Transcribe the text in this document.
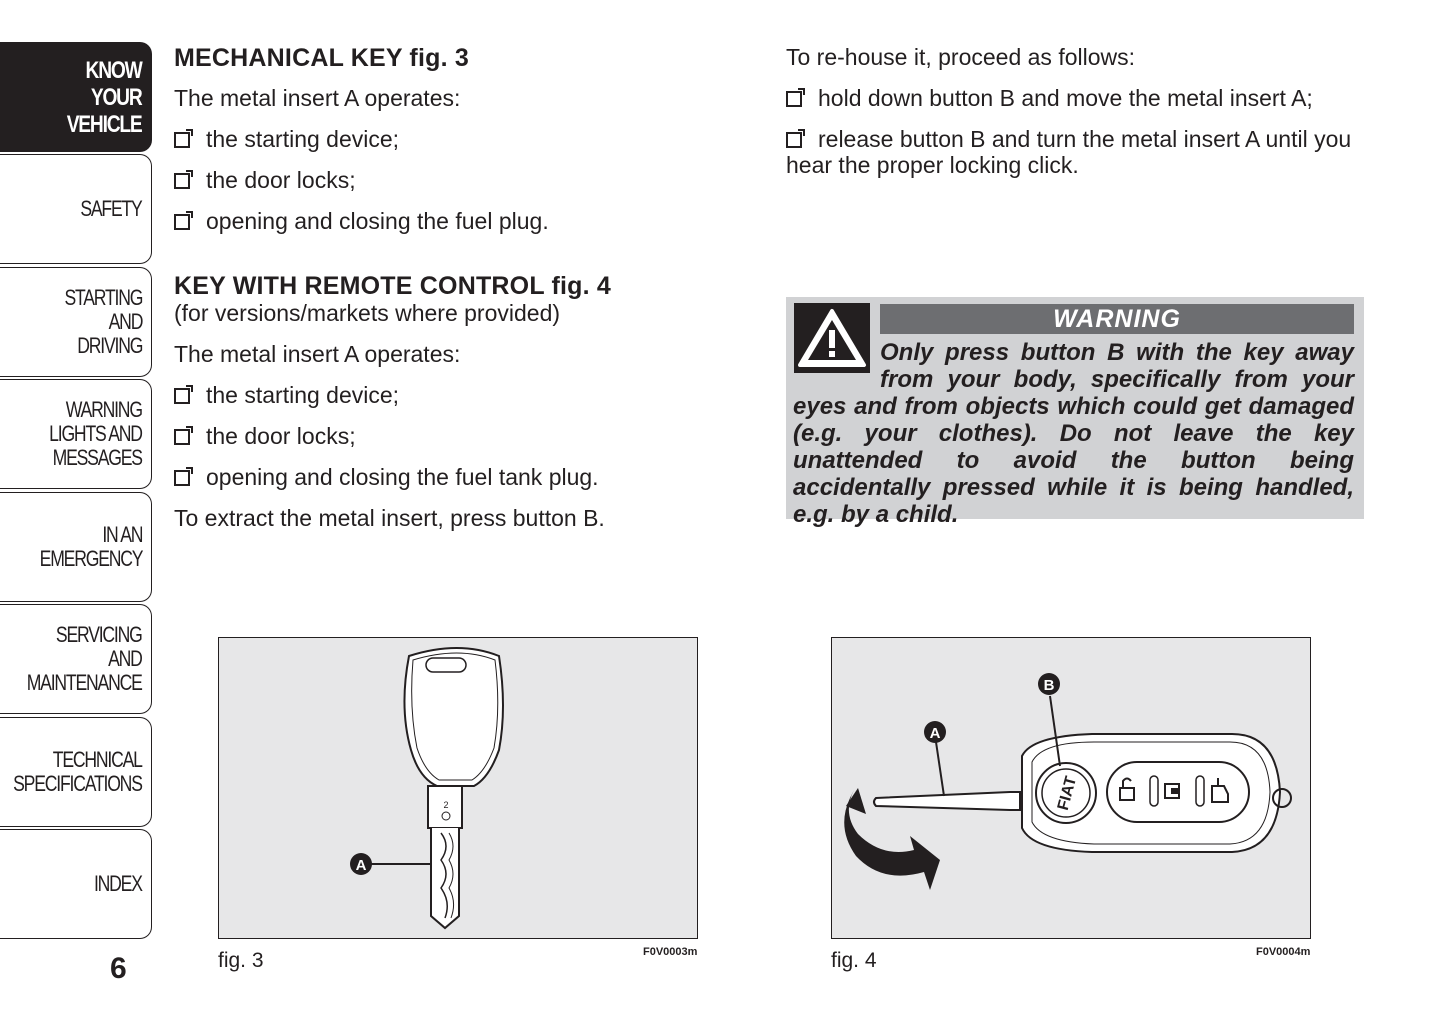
KNOW
YOUR
VEHICLE
SAFETY
STARTING
AND
DRIVING
WARNING
LIGHTS AND
MESSAGES
IN AN
EMERGENCY
SERVICING
AND
MAINTENANCE
TECHNICAL
SPECIFICATIONS
INDEX
6

MECHANICAL KEY fig. 3

The metal insert A operates:

the starting device;

the door locks;

opening and closing the fuel plug.

KEY WITH REMOTE CONTROL fig. 4

(for versions/markets where provided)

The metal insert A operates:

the starting device;

the door locks;

opening and closing the fuel tank plug.

To extract the metal insert, press button B.

To re-house it, proceed as follows:

hold down button B and move the metal insert A;

release button B and turn the metal insert A until you hear the proper locking click.

WARNING
Only press button B with the key away from your body, specifically from your eyes and from objects which could get damaged (e.g. your clothes). Do not leave the key unattended to avoid the button being accidentally pressed while it is being handled, e.g. by a child.
2
A
fig. 3	F0V0003m
FIAT
A
B
fig. 4	F0V0004m
